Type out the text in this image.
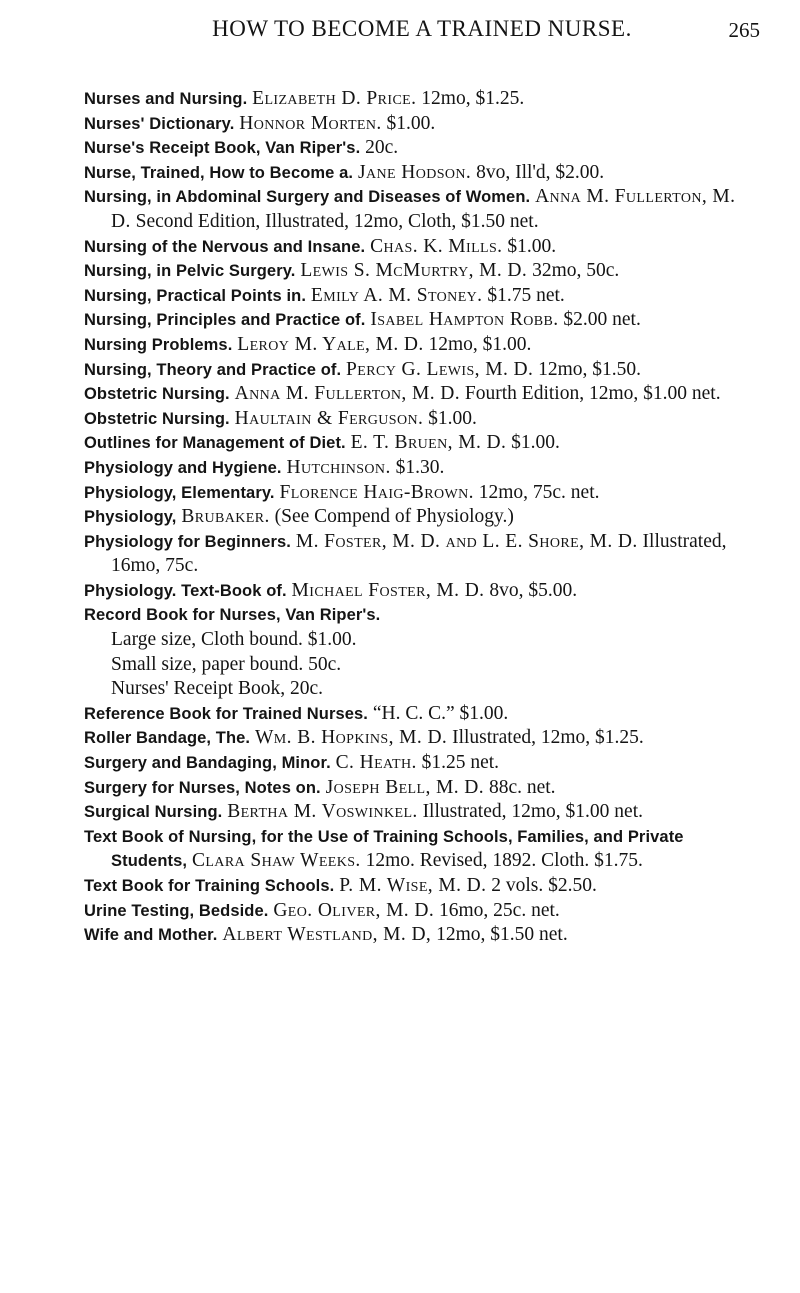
HOW TO BECOME A TRAINED NURSE.	265

Nurses and Nursing. Elizabeth D. Price. 12mo, $1.25.

Nurses' Dictionary. Honnor Morten. $1.00.

Nurse's Receipt Book, Van Riper's. 20c.

Nurse, Trained, How to Become a. Jane Hodson. 8vo, Ill'd, $2.00.

Nursing, in Abdominal Surgery and Diseases of Women. Anna M. Fullerton, M. D. Second Edition, Illustrated, 12mo, Cloth, $1.50 net.

Nursing of the Nervous and Insane. Chas. K. Mills. $1.00.

Nursing, in Pelvic Surgery. Lewis S. McMurtry, M. D. 32mo, 50c.

Nursing, Practical Points in. Emily A. M. Stoney. $1.75 net.

Nursing, Principles and Practice of. Isabel Hampton Robb. $2.00 net.

Nursing Problems. Leroy M. Yale, M. D. 12mo, $1.00.

Nursing, Theory and Practice of. Percy G. Lewis, M. D. 12mo, $1.50.

Obstetric Nursing. Anna M. Fullerton, M. D. Fourth Edition, 12mo, $1.00 net.

Obstetric Nursing. Haultain & Ferguson. $1.00.

Outlines for Management of Diet. E. T. Bruen, M. D. $1.00.

Physiology and Hygiene. Hutchinson. $1.30.

Physiology, Elementary. Florence Haig-Brown. 12mo, 75c. net.

Physiology, Brubaker. (See Compend of Physiology.)

Physiology for Beginners. M. Foster, M. D. and L. E. Shore, M. D. Illustrated, 16mo, 75c.

Physiology. Text-Book of. Michael Foster, M. D. 8vo, $5.00.

Record Book for Nurses, Van Riper's.

Large size, Cloth bound. $1.00.

Small size, paper bound. 50c.

Nurses' Receipt Book, 20c.

Reference Book for Trained Nurses. “H. C. C.” $1.00.

Roller Bandage, The. Wm. B. Hopkins, M. D. Illustrated, 12mo, $1.25.

Surgery and Bandaging, Minor. C. Heath. $1.25 net.

Surgery for Nurses, Notes on. Joseph Bell, M. D. 88c. net.

Surgical Nursing. Bertha M. Voswinkel. Illustrated, 12mo, $1.00 net.

Text Book of Nursing, for the Use of Training Schools, Families, and Private Students, Clara Shaw Weeks. 12mo. Revised, 1892. Cloth. $1.75.

Text Book for Training Schools. P. M. Wise, M. D. 2 vols. $2.50.

Urine Testing, Bedside. Geo. Oliver, M. D. 16mo, 25c. net.

Wife and Mother. Albert Westland, M. D, 12mo, $1.50 net.
